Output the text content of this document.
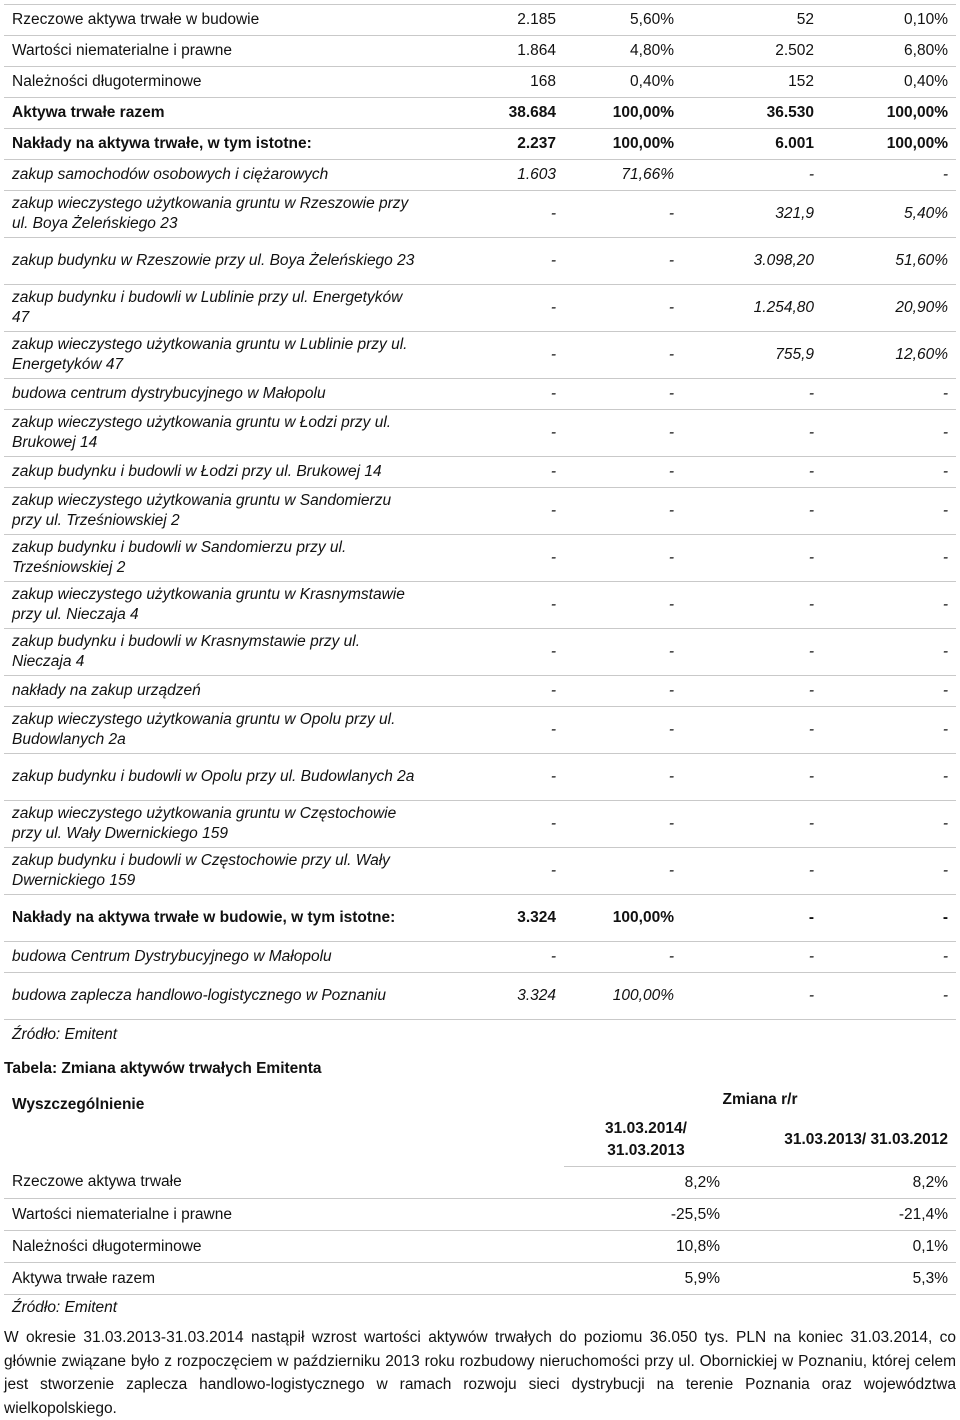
Rzeczowe aktywa trwałe w budowie	2.185	5,60%	52	0,10%
Wartości niematerialne i prawne	1.864	4,80%	2.502	6,80%
Należności długoterminowe	168	0,40%	152	0,40%
Aktywa trwałe razem	38.684	100,00%	36.530	100,00%
Nakłady na aktywa trwałe, w tym istotne:	2.237	100,00%	6.001	100,00%
zakup samochodów osobowych i ciężarowych	1.603	71,66%	-	-
zakup wieczystego użytkowania gruntu w Rzeszowie przy ul. Boya Żeleńskiego 23	-	-	321,9	5,40%
zakup budynku w Rzeszowie przy ul. Boya Żeleńskiego 23	-	-	3.098,20	51,60%
zakup budynku i budowli w Lublinie przy ul. Energetyków 47	-	-	1.254,80	20,90%
zakup wieczystego użytkowania gruntu w Lublinie przy ul. Energetyków 47	-	-	755,9	12,60%
budowa centrum dystrybucyjnego w Małopolu	-	-	-	-
zakup wieczystego użytkowania gruntu w Łodzi przy ul. Brukowej 14	-	-	-	-
zakup budynku i budowli w Łodzi przy ul. Brukowej 14	-	-	-	-
zakup wieczystego użytkowania gruntu w Sandomierzu przy ul. Trześniowskiej 2	-	-	-	-
zakup budynku i budowli w Sandomierzu przy ul. Trześniowskiej 2	-	-	-	-
zakup wieczystego użytkowania gruntu w Krasnymstawie przy ul. Nieczaja 4	-	-	-	-
zakup budynku i budowli w Krasnymstawie przy ul. Nieczaja 4	-	-	-	-
nakłady na zakup urządzeń	-	-	-	-
zakup wieczystego użytkowania gruntu w Opolu przy ul. Budowlanych 2a	-	-	-	-
zakup budynku i budowli w Opolu przy ul. Budowlanych 2a	-	-	-	-
zakup wieczystego użytkowania gruntu w Częstochowie przy ul. Wały Dwernickiego 159	-	-	-	-
zakup budynku i budowli w Częstochowie przy ul. Wały Dwernickiego 159	-	-	-	-
Nakłady na aktywa trwałe w budowie, w tym istotne:	3.324	100,00%	-	-
budowa Centrum Dystrybucyjnego w Małopolu	-	-	-	-
budowa zaplecza handlowo-logistycznego w Poznaniu	3.324	100,00%	-	-
Źródło: Emitent				
Tabela: Zmiana aktywów trwałych Emitenta
Wyszczególnienie	Zmiana r/r	
	31.03.2014/ 31.03.2013	31.03.2013/ 31.03.2012
Rzeczowe aktywa trwałe	8,2%	8,2%
Wartości niematerialne i prawne	-25,5%	-21,4%
Należności długoterminowe	10,8%	0,1%
Aktywa trwałe razem	5,9%	5,3%
Źródło: Emitent		
W okresie 31.03.2013-31.03.2014 nastąpił wzrost wartości aktywów trwałych do poziomu 36.050 tys. PLN na koniec 31.03.2014, co głównie związane było z rozpoczęciem w październiku 2013 roku rozbudowy nieruchomości przy ul. Obornickiej w Poznaniu, której celem jest stworzenie zaplecza handlowo-logistycznego w ramach rozwoju sieci dystrybucji na terenie Poznania oraz województwa wielkopolskiego.
